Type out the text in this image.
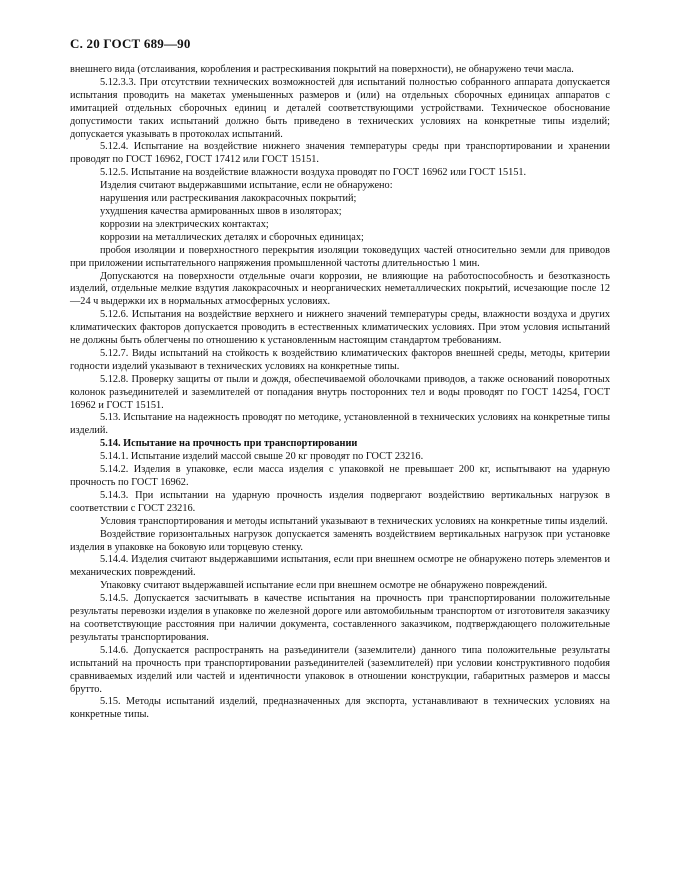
С. 20 ГОСТ 689—90

внешнего вида (отслаивания, коробления и растрескивания покрытий на поверхности), не обнаружено течи масла.

5.12.3.3. При отсутствии технических возможностей для испытаний полностью собранного аппарата допускается испытания проводить на макетах уменьшенных размеров и (или) на отдельных сборочных единицах аппаратов с имитацией отдельных сборочных единиц и деталей соответствующими устройствами. Техническое обоснование допустимости таких испытаний должно быть приведено в технических условиях на конкретные типы изделий; допускается указывать в протоколах испытаний.

5.12.4. Испытание на воздействие нижнего значения температуры среды при транспортировании и хранении проводят по ГОСТ 16962, ГОСТ 17412 или ГОСТ 15151.

5.12.5. Испытание на воздействие влажности воздуха проводят по ГОСТ 16962 или ГОСТ 15151.

Изделия считают выдержавшими испытание, если не обнаружено:

нарушения или растрескивания лакокрасочных покрытий;

ухудшения качества армированных швов в изоляторах;

коррозии на электрических контактах;

коррозии на металлических деталях и сборочных единицах;

пробоя изоляции и поверхностного перекрытия изоляции токоведущих частей относительно земли для приводов при приложении испытательного напряжения промышленной частоты длительностью 1 мин.

Допускаются на поверхности отдельные очаги коррозии, не влияющие на работоспособность и безотказность изделий, отдельные мелкие вздутия лакокрасочных и неорганических неметаллических покрытий, исчезающие после 12—24 ч выдержки их в нормальных атмосферных условиях.

5.12.6. Испытания на воздействие верхнего и нижнего значений температуры среды, влажности воздуха и других климатических факторов допускается проводить в естественных климатических условиях. При этом условия испытаний не должны быть облегчены по отношению к установленным настоящим стандартом требованиям.

5.12.7. Виды испытаний на стойкость к воздействию климатических факторов внешней среды, методы, критерии годности изделий указывают в технических условиях на конкретные типы.

5.12.8. Проверку защиты от пыли и дождя, обеспечиваемой оболочками приводов, а также оснований поворотных колонок разъединителей и заземлителей от попадания внутрь посторонних тел и воды проводят по ГОСТ 14254, ГОСТ 16962 и ГОСТ 15151.

5.13. Испытание на надежность проводят по методике, установленной в технических условиях на конкретные типы изделий.

5.14. Испытание на прочность при транспортировании

5.14.1. Испытание изделий массой свыше 20 кг проводят по ГОСТ 23216.

5.14.2. Изделия в упаковке, если масса изделия с упаковкой не превышает 200 кг, испытывают на ударную прочность по ГОСТ 16962.

5.14.3. При испытании на ударную прочность изделия подвергают воздействию вертикальных нагрузок в соответствии с ГОСТ 23216.

Условия транспортирования и методы испытаний указывают в технических условиях на конкретные типы изделий.

Воздействие горизонтальных нагрузок допускается заменять воздействием вертикальных нагрузок при установке изделия в упаковке на боковую или торцевую стенку.

5.14.4. Изделия считают выдержавшими испытания, если при внешнем осмотре не обнаружено потерь элементов и механических повреждений.

Упаковку считают выдержавшей испытание если при внешнем осмотре не обнаружено повреждений.

5.14.5. Допускается засчитывать в качестве испытания на прочность при транспортировании положительные результаты перевозки изделия в упаковке по железной дороге или автомобильным транспортом от изготовителя заказчику на соответствующие расстояния при наличии документа, составленного заказчиком, подтверждающего положительные результаты транспортирования.

5.14.6. Допускается распространять на разъединители (заземлители) данного типа положительные результаты испытаний на прочность при транспортировании разъединителей (заземлителей) при условии конструктивного подобия сравниваемых изделий или частей и идентичности упаковок в отношении конструкции, габаритных размеров и массы брутто.

5.15. Методы испытаний изделий, предназначенных для экспорта, устанавливают в технических условиях на конкретные типы.
